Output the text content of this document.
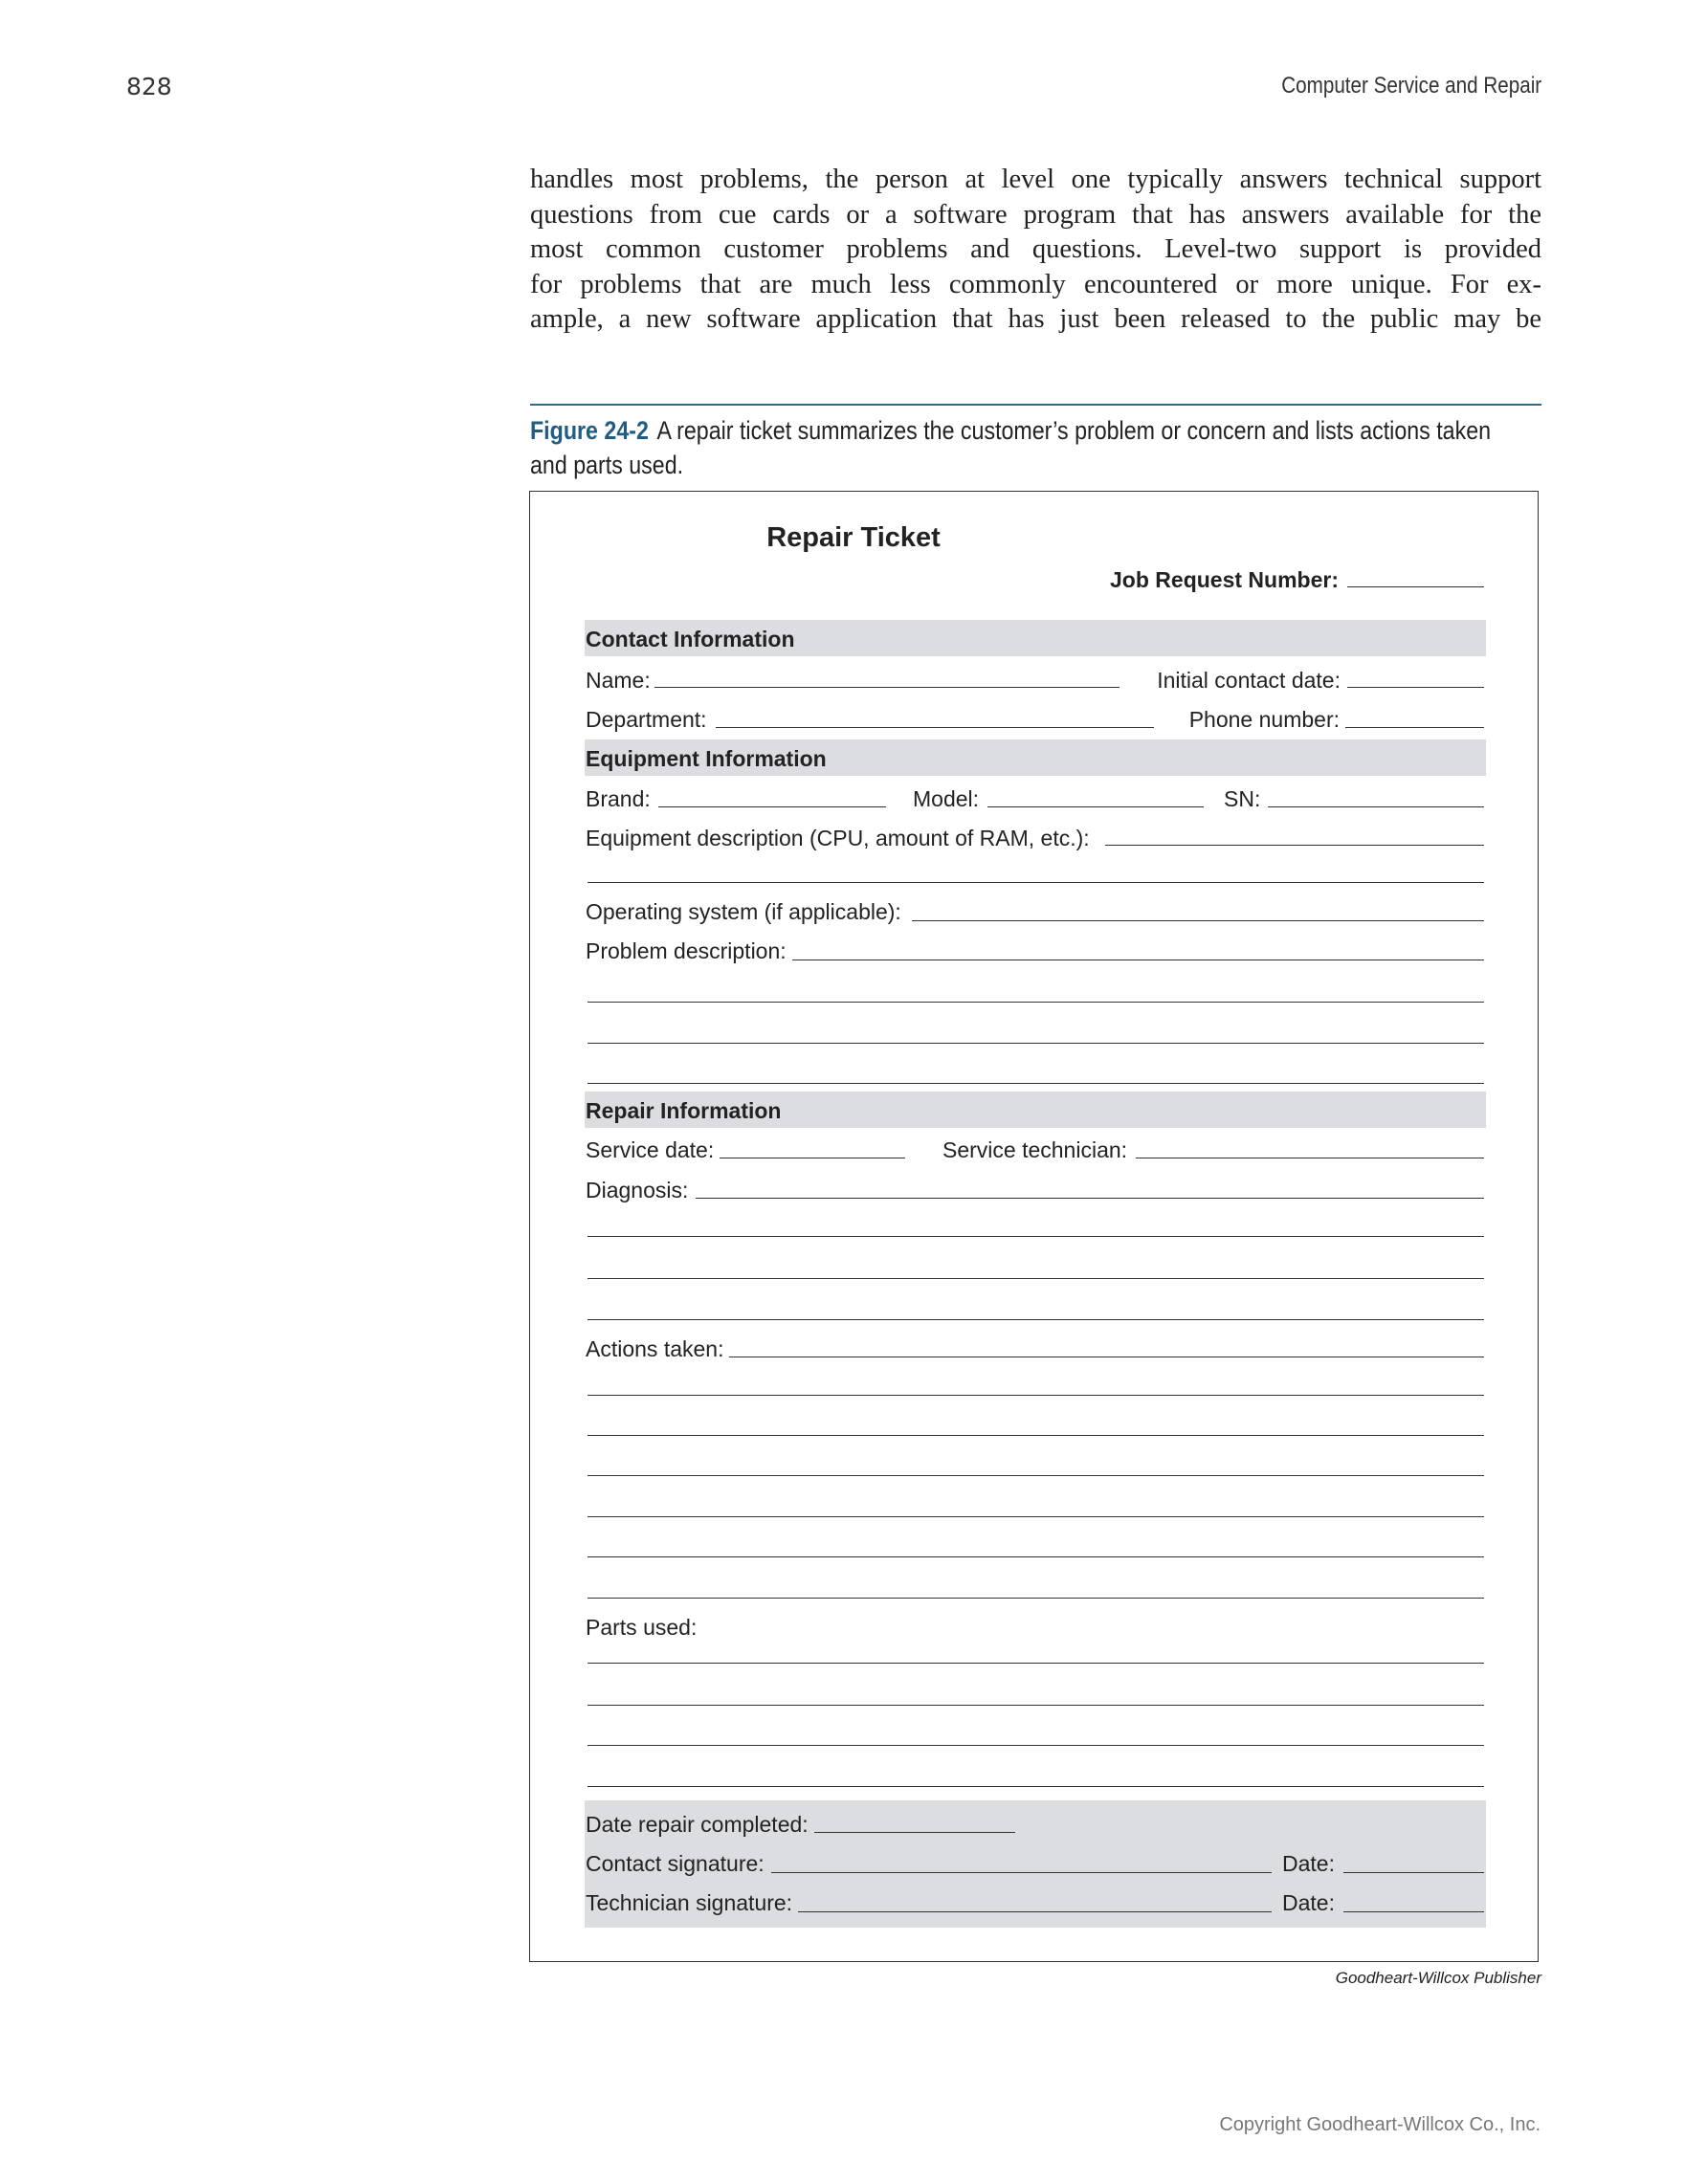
828	Computer Service and Repair
handles most problems, the person at level one typically answers technical support
questions from cue cards or a software program that has answers available for the
most common customer problems and questions. Level-two support is provided
for problems that are much less commonly encountered or more unique. For ex-
ample, a new software application that has just been released to the public may be
Figure 24-2 A repair ticket summarizes the customer’s problem or concern and lists actions taken
and parts used.
Repair Ticket
Job Request Number:
Contact Information
Name:	Initial contact date:
Department:	Phone number:
Equipment Information
Brand:	Model:	SN:
Equipment description (CPU, amount of RAM, etc.):
Operating system (if applicable):
Problem description:
Repair Information
Service date:	Service technician:
Diagnosis:
Actions taken:
Parts used:
Date repair completed:
Contact signature:	Date:
Technician signature:	Date:
Goodheart-Willcox Publisher
Copyright Goodheart-Willcox Co., Inc.
